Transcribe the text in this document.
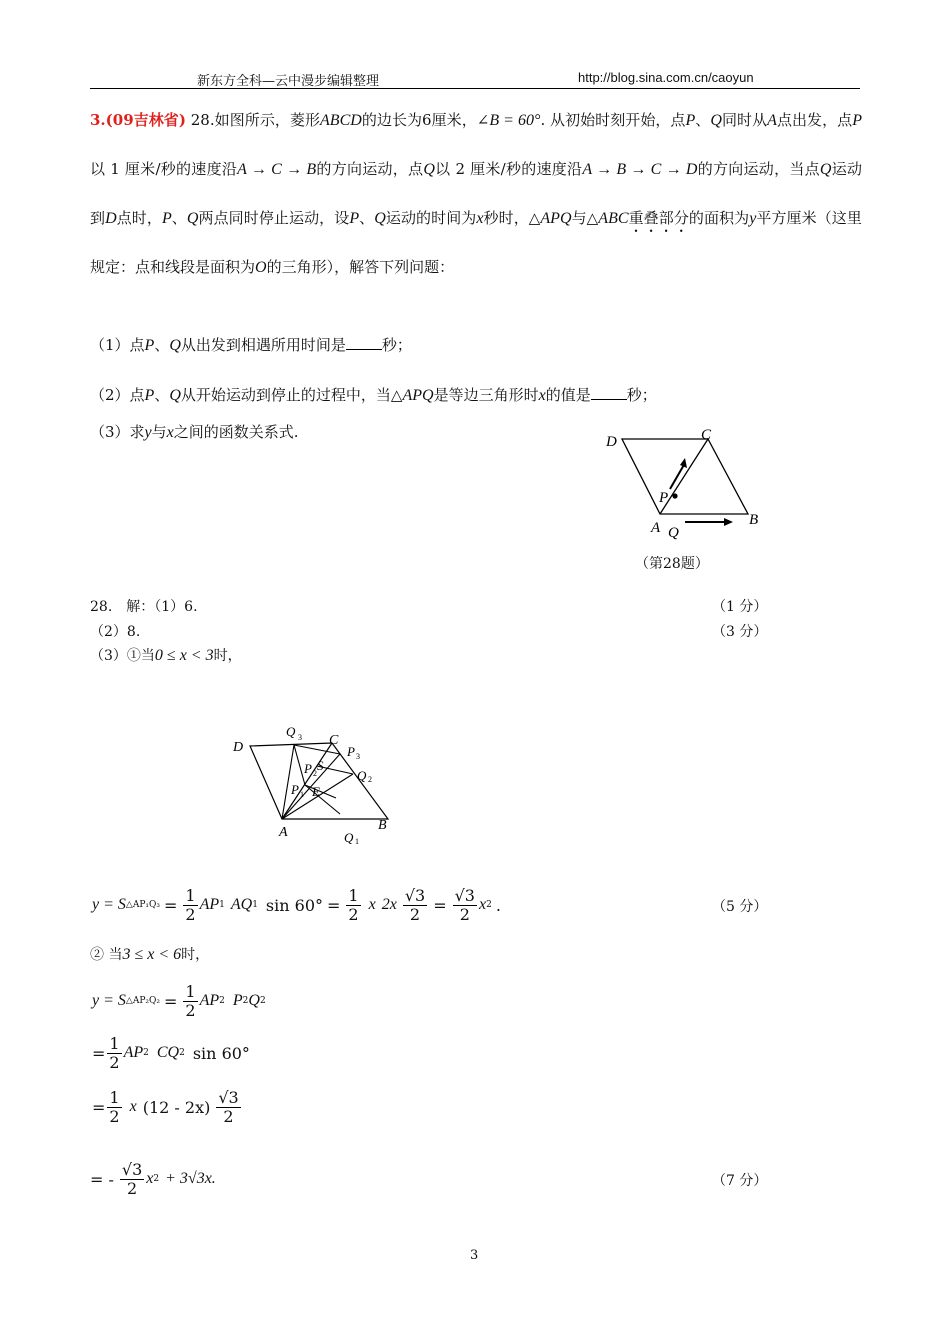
新东方全科—云中漫步编辑整理	http://blog.sina.com.cn/caoyun
3.(09吉林省) 28.如图所示，菱形ABCD的边长为6厘米，∠B = 60°. 从初始时刻开始，点P、Q同时从A点出发，点P以 1 厘米/秒的速度沿A → C → B的方向运动，点Q以 2 厘米/秒的速度沿A → B → C → D的方向运动，当点Q运动到D点时，P、Q两点同时停止运动，设P、Q运动的时间为x秒时，△APQ与△ABC重叠部分的面积为y平方厘米（这里规定：点和线段是面积为O的三角形），解答下列问题：
（1）点P、Q从出发到相遇所用时间是 秒；
（2）点P、Q从开始运动到停止的过程中，当△APQ是等边三角形时x的值是 秒；
（3）求y与x之间的函数关系式.
D	C
A	B
P
Q
（第28题）
28.　解：（1）6.	（1 分）
（2）8.	（3 分）
（3）①当0 ≤ x < 3时，
D
Q 3 C
P 3
P 2
S
Q 2
P 1 E
A	B
Q 1
y = S △AP₁Q₃ = $\frac{1}{2}$ AP 1 AQ 1 $\sin 60^\circ = \frac{1}{2}$ x $2x \frac{√3}{2} = \frac{√3}{2}$ x 2 .	（5 分）
② 当3 ≤ x < 6时，
y = S △AP₂Q₂ = $\frac{1}{2}$ AP 2 P 2 Q 2
= $\frac{1}{2}$ AP 2 CQ 2 sin 60°
= $\frac{1}{2}$ x $(12 - 2x) \frac{√3}{2}$
= - $\frac{√3}{2}$ x 2 + 3√3x.	（7 分）
3
